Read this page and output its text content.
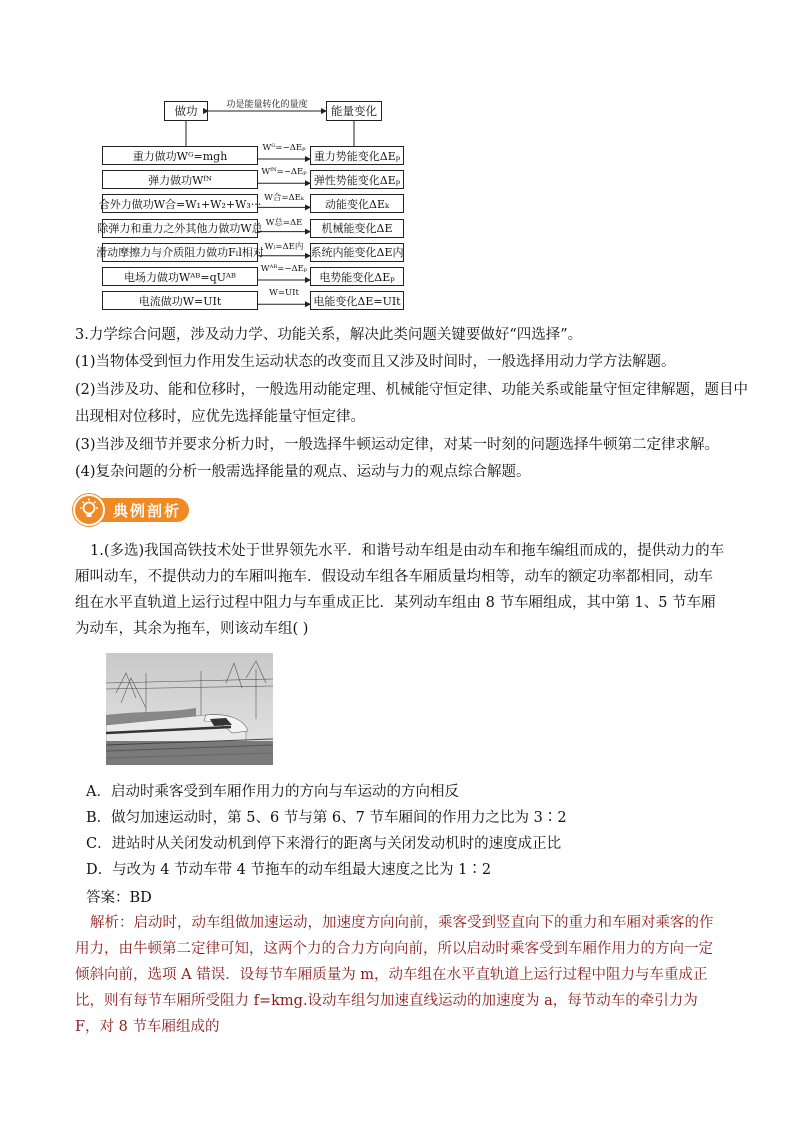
做功	能量变化
功是能量转化的量度
重力做功Wᴳ=mgh	重力势能变化ΔEₚ
Wᴳ=−ΔEₚ
弹力做功Wᶠᴺ	弹性势能变化ΔEₚ
Wᶠᴺ=−ΔEₚ
合外力做功W合=W₁+W₂+W₃···	动能变化ΔEₖ
W合=ΔEₖ
除弹力和重力之外其他力做功W总	机械能变化ΔE
W总=ΔE
滑动摩擦力与介质阻力做功Fₗl相对	系统内能变化ΔE内
Wₗ=ΔE内
电场力做功Wᴬᴮ=qUᴬᴮ	电势能变化ΔEₚ
Wᴬᴮ=−ΔEₚ
电流做功W=UIt	电能变化ΔE=UIt
W=UIt
3.力学综合问题，涉及动力学、功能关系，解决此类问题关键要做好“四选择”。
(1)当物体受到恒力作用发生运动状态的改变而且又涉及时间时，一般选择用动力学方法解题。
(2)当涉及功、能和位移时，一般选用动能定理、机械能守恒定律、功能关系或能量守恒定律解题，题目中
出现相对位移时，应优先选择能量守恒定律。
(3)当涉及细节并要求分析力时，一般选择牛顿运动定律，对某一时刻的问题选择牛顿第二定律求解。
(4)复杂问题的分析一般需选择能量的观点、运动与力的观点综合解题。
典例剖析
1.(多选)我国高铁技术处于世界领先水平．和谐号动车组是由动车和拖车编组而成的，提供动力的车厢叫动车，不提供动力的车厢叫拖车．假设动车组各车厢质量均相等，动车的额定功率都相同，动车组在水平直轨道上运行过程中阻力与车重成正比．某列动车组由 8 节车厢组成，其中第 1、5 节车厢为动车，其余为拖车，则该动车组( )
A．启动时乘客受到车厢作用力的方向与车运动的方向相反
B．做匀加速运动时，第 5、6 节与第 6、7 节车厢间的作用力之比为 3∶2
C．进站时从关闭发动机到停下来滑行的距离与关闭发动机时的速度成正比
D．与改为 4 节动车带 4 节拖车的动车组最大速度之比为 1∶2
答案：BD
解析：启动时，动车组做加速运动，加速度方向向前，乘客受到竖直向下的重力和车厢对乘客的作用力，由牛顿第二定律可知，这两个力的合力方向向前，所以启动时乘客受到车厢作用力的方向一定倾斜向前，选项 A 错误．设每节车厢质量为 m，动车组在水平直轨道上运行过程中阻力与车重成正比，则有每节车厢所受阻力 f=kmg.设动车组匀加速直线运动的加速度为 a，每节动车的牵引力为 F，对 8 节车厢组成的
